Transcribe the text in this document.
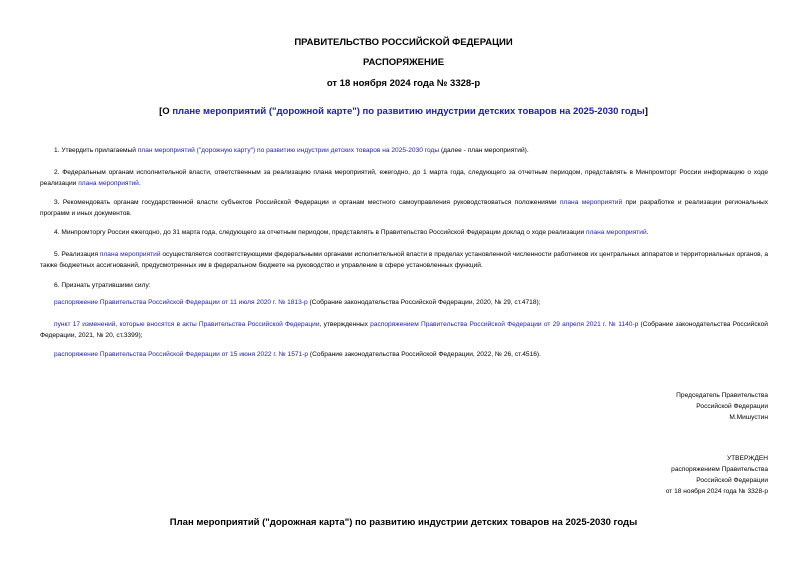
ПРАВИТЕЛЬСТВО РОССИЙСКОЙ ФЕДЕРАЦИИ
РАСПОРЯЖЕНИЕ
от 18 ноября 2024 года № 3328-р
[О плане мероприятий ("дорожной карте") по развитию индустрии детских товаров на 2025-2030 годы]
1. Утвердить прилагаемый план мероприятий ("дорожную карту") по развитию индустрии детских товаров на 2025-2030 годы (далее - план мероприятий).
2. Федеральным органам исполнительной власти, ответственным за реализацию плана мероприятий, ежегодно, до 1 марта года, следующего за отчетным периодом, представлять в Минпромторг России информацию о ходе реализации плана мероприятий.
3. Рекомендовать органам государственной власти субъектов Российской Федерации и органам местного самоуправления руководствоваться положениями плана мероприятий при разработке и реализации региональных программ и иных документов.
4. Минпромторгу России ежегодно, до 31 марта года, следующего за отчетным периодом, представлять в Правительство Российской Федерации доклад о ходе реализации плана мероприятий.
5. Реализация плана мероприятий осуществляется соответствующими федеральными органами исполнительной власти в пределах установленной численности работников их центральных аппаратов и территориальных органов, а также бюджетных ассигнований, предусмотренных им в федеральном бюджете на руководство и управление в сфере установленных функций.
6. Признать утратившими силу:
распоряжение Правительства Российской Федерации от 11 июля 2020 г. № 1813-р (Собрание законодательства Российской Федерации, 2020, № 29, ст.4718);
пункт 17 изменений, которые вносятся в акты Правительства Российской Федерации, утвержденных распоряжением Правительства Российской Федерации от 29 апреля 2021 г. № 1140-р (Собрание законодательства Российской Федерации, 2021, № 20, ст.3399);
распоряжение Правительства Российской Федерации от 15 июня 2022 г. № 1571-р (Собрание законодательства Российской Федерации, 2022, № 26, ст.4516).

Председатель Правительства

Российской Федерации

М.Мишустин

УТВЕРЖДЕН

распоряжением Правительства

Российской Федерации

от 18 ноября 2024 года № 3328-р

План мероприятий ("дорожная карта") по развитию индустрии детских товаров на 2025-2030 годы
